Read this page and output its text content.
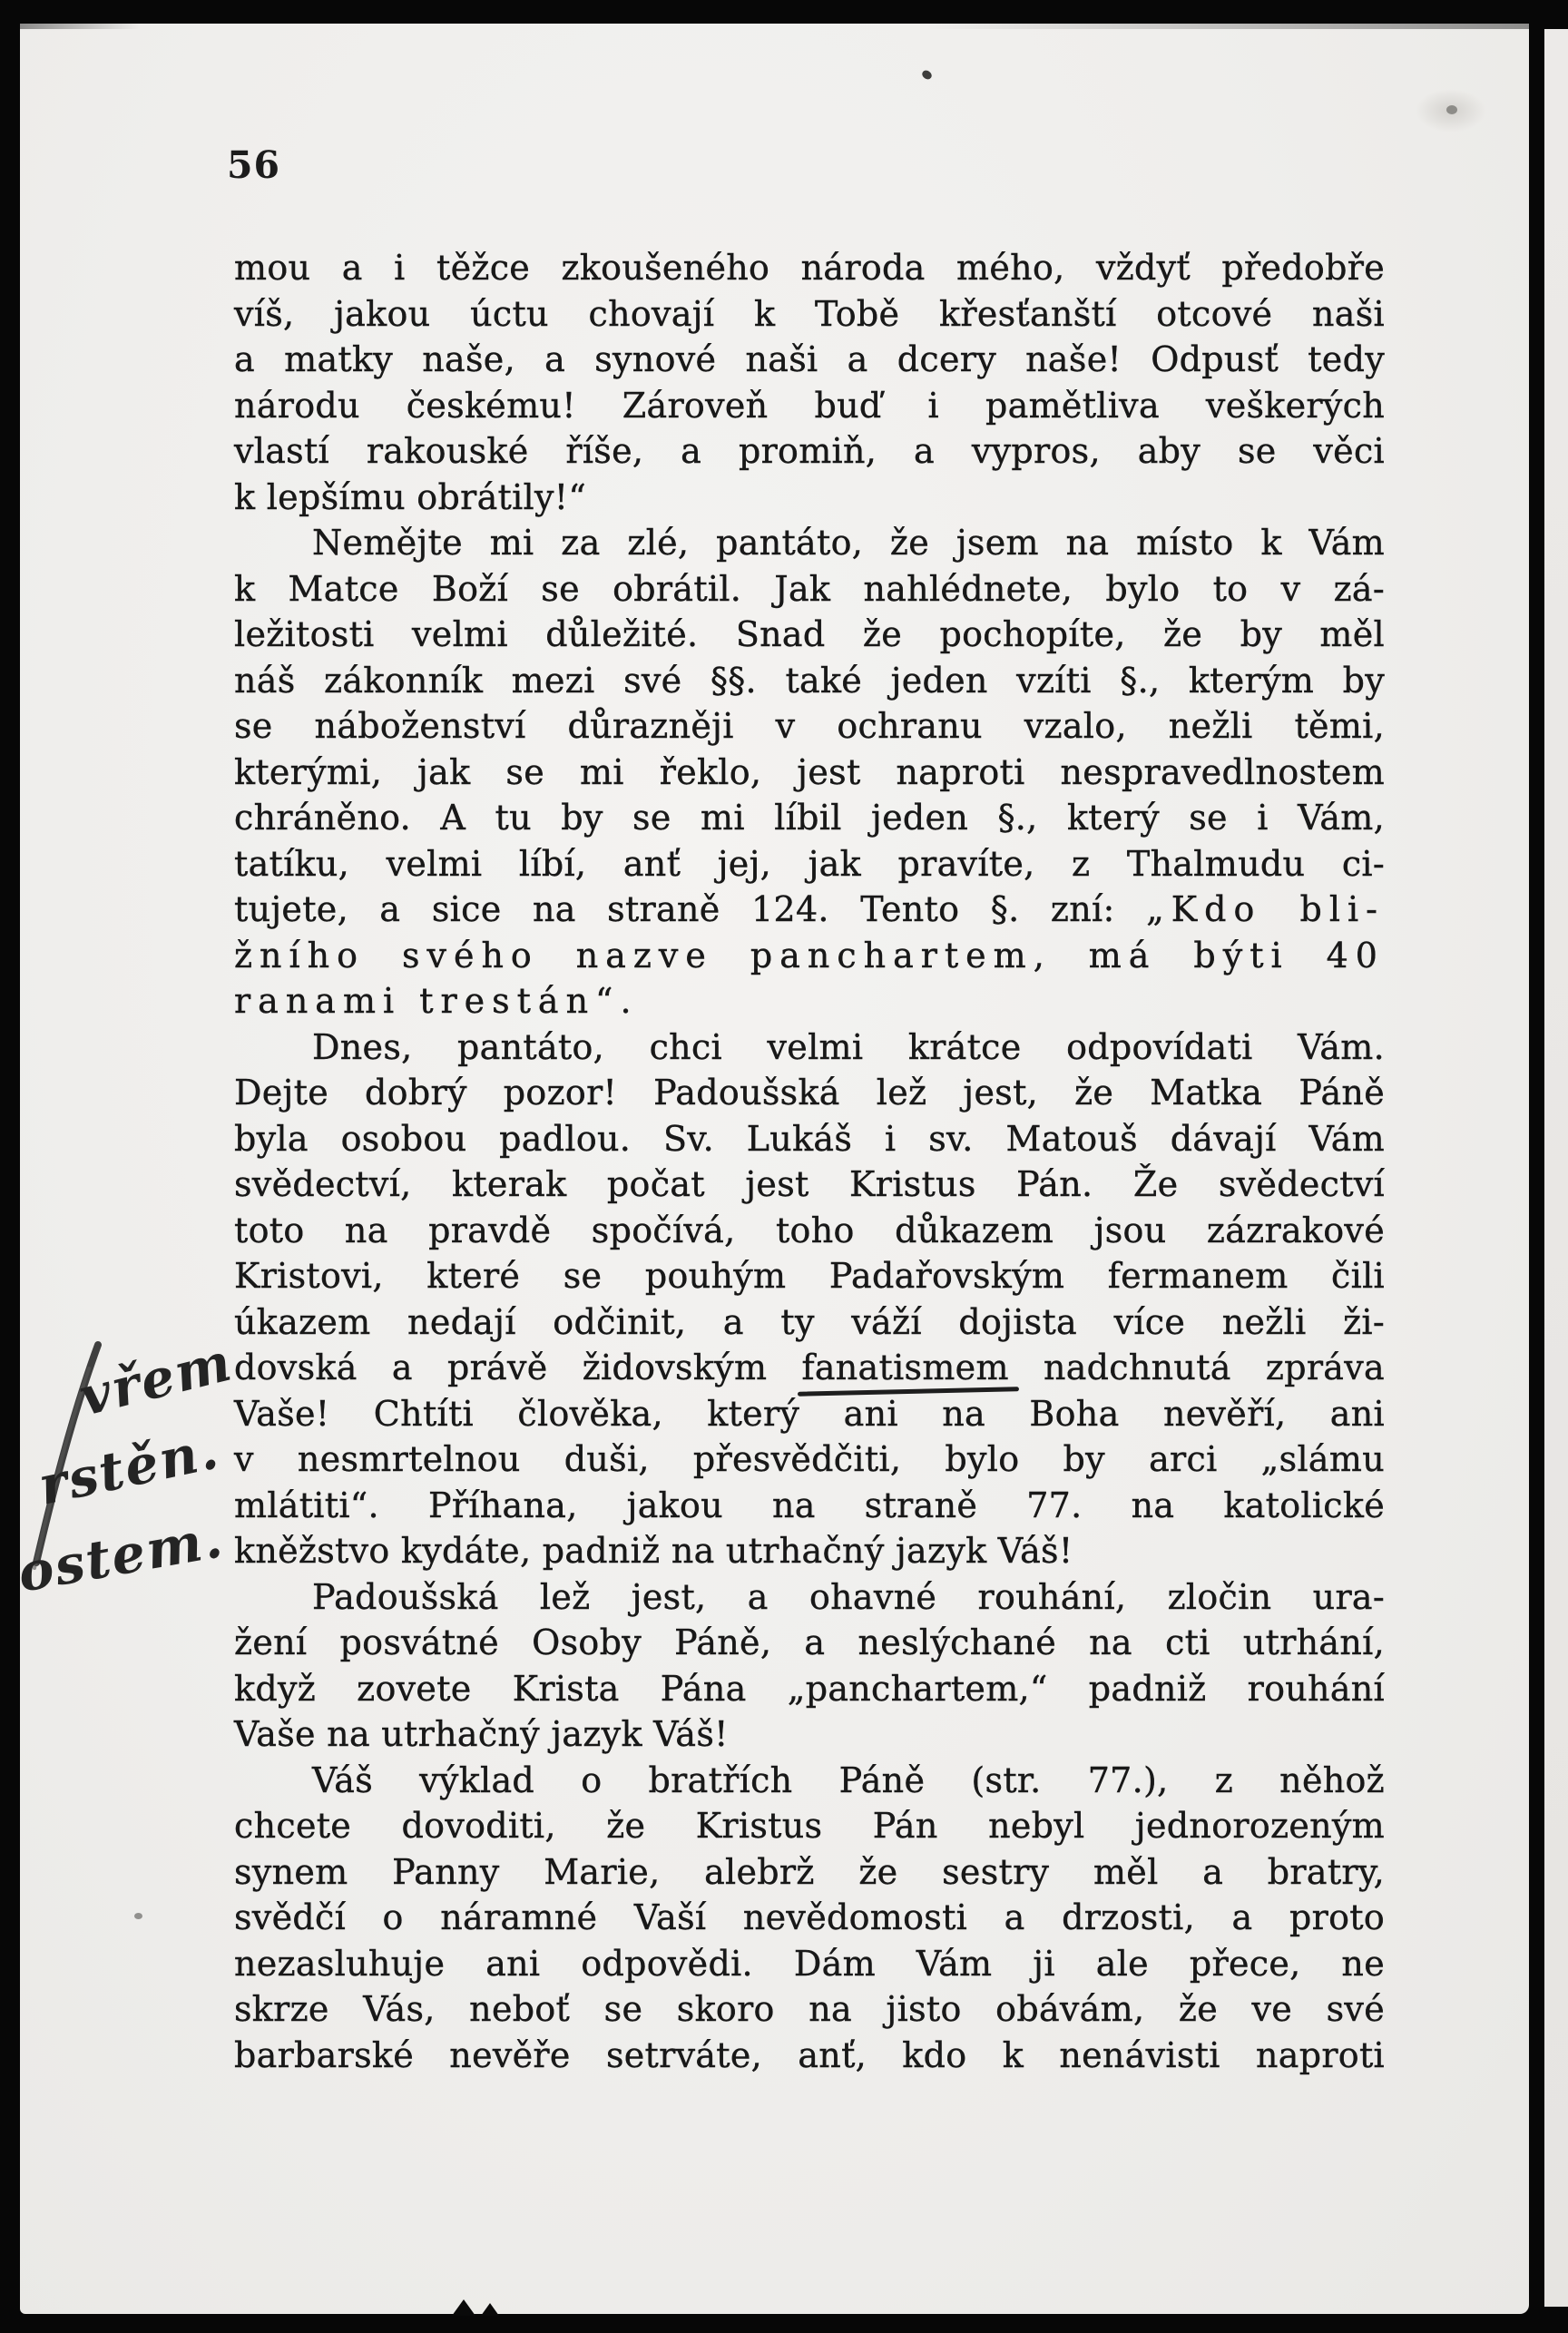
56
mou a i těžce zkoušeného národa mého, vždyť předobře
víš, jakou úctu chovají k Tobě křesťanští otcové naši
a matky naše, a synové naši a dcery naše! Odpusť tedy
národu českému! Zároveň buď i pamětliva veškerých
vlastí rakouské říše, a promiň, a vypros, aby se věci
k lepšímu obrátily!“
Nemějte mi za zlé, pantáto, že jsem na místo k Vám
k Matce Boží se obrátil. Jak nahlédnete, bylo to v zá-
ležitosti velmi důležité. Snad že pochopíte, že by měl
náš zákonník mezi své §§. také jeden vzíti §., kterým by
se náboženství důrazněji v ochranu vzalo, nežli těmi,
kterými, jak se mi řeklo, jest naproti nespravedlnostem
chráněno. A tu by se mi líbil jeden §., který se i Vám,
tatíku, velmi líbí, anť jej, jak pravíte, z Thalmudu ci-
tujete, a sice na straně 124. Tento §. zní: „Kdo bli-
žního svého nazve panchartem, má býti 40
ranami trestán“.
Dnes, pantáto, chci velmi krátce odpovídati Vám.
Dejte dobrý pozor! Padoušská lež jest, že Matka Páně
byla osobou padlou. Sv. Lukáš i sv. Matouš dávají Vám
svědectví, kterak počat jest Kristus Pán. Že svědectví
toto na pravdě spočívá, toho důkazem jsou zázrakové
Kristovi, které se pouhým Padařovským fermanem čili
úkazem nedají odčinit, a ty váží dojista více nežli ži-
dovská a právě židovským fanatismem nadchnutá zpráva
Vaše! Chtíti člověka, který ani na Boha nevěří, ani
v nesmrtelnou duši, přesvědčiti, bylo by arci „slámu
mlátiti“. Příhana, jakou na straně 77. na katolické
kněžstvo kydáte, padniž na utrhačný jazyk Váš!
Padoušská lež jest, a ohavné rouhání, zločin ura-
žení posvátné Osoby Páně, a neslýchané na cti utrhání,
když zovete Krista Pána „panchartem,“ padniž rouhání
Vaše na utrhačný jazyk Váš!
Váš výklad o bratřích Páně (str. 77.), z něhož
chcete dovoditi, že Kristus Pán nebyl jednorozeným
synem Panny Marie, alebrž že sestry měl a bratry,
svědčí o náramné Vaší nevědomosti a drzosti, a proto
nezasluhuje ani odpovědi. Dám Vám ji ale přece, ne
skrze Vás, neboť se skoro na jisto obávám, že ve své
barbarské nevěře setrváte, anť, kdo k nenávisti naproti
vřem
rstěn.
ostem.
